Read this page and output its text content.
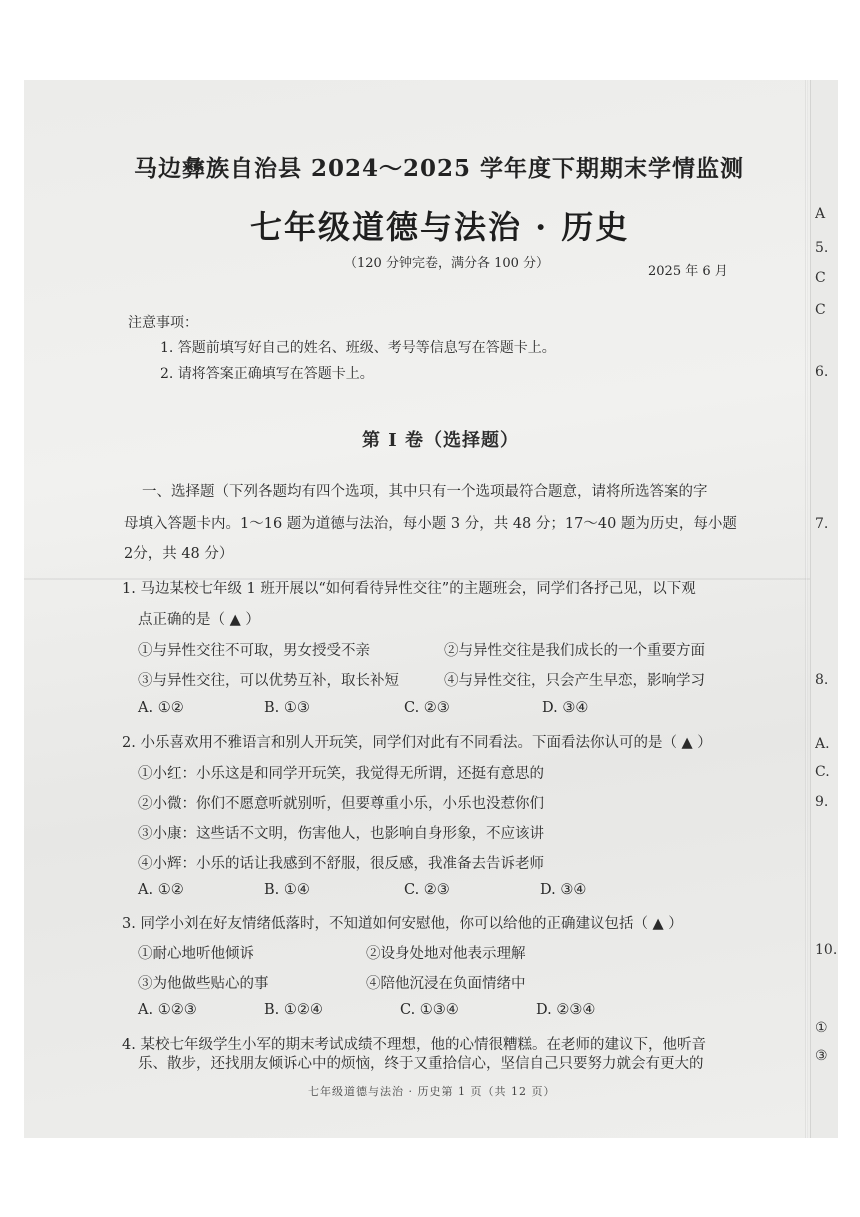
马边彝族自治县 2024～2025 学年度下期期末学情监测
七年级道德与法治 · 历史
（120 分钟完卷，满分各 100 分）
2025 年 6 月
注意事项：
1. 答题前填写好自己的姓名、班级、考号等信息写在答题卡上。
2. 请将答案正确填写在答题卡上。
第 I 卷（选择题）
一、选择题（下列各题均有四个选项，其中只有一个选项最符合题意，请将所选答案的字
母填入答题卡内。1～16 题为道德与法治，每小题 3 分，共 48 分；17～40 题为历史，每小题
2分，共 48 分）
1. 马边某校七年级 1 班开展以“如何看待异性交往”的主题班会，同学们各抒己见，以下观
点正确的是（ ▲ ）
①与异性交往不可取，男女授受不亲	②与异性交往是我们成长的一个重要方面
③与异性交往，可以优势互补，取长补短	④与异性交往，只会产生早恋，影响学习
A. ①②	B. ①③	C. ②③	D. ③④
2. 小乐喜欢用不雅语言和别人开玩笑，同学们对此有不同看法。下面看法你认可的是（ ▲ ）
①小红：小乐这是和同学开玩笑，我觉得无所谓，还挺有意思的
②小微：你们不愿意听就别听，但要尊重小乐，小乐也没惹你们
③小康：这些话不文明，伤害他人，也影响自身形象，不应该讲
④小辉：小乐的话让我感到不舒服，很反感，我准备去告诉老师
A. ①②	B. ①④	C. ②③	D. ③④
3. 同学小刘在好友情绪低落时，不知道如何安慰他，你可以给他的正确建议包括（ ▲ ）
①耐心地听他倾诉	②设身处地对他表示理解
③为他做些贴心的事	④陪他沉浸在负面情绪中
A. ①②③	B. ①②④	C. ①③④	D. ②③④
4. 某校七年级学生小军的期末考试成绩不理想，他的心情很糟糕。在老师的建议下，他听音
乐、散步，还找朋友倾诉心中的烦恼，终于又重拾信心，坚信自己只要努力就会有更大的
七年级道德与法治 · 历史第 1 页（共 12 页）
A
5.
C
C
6.
7.
8.
A.
C.
9.
10.
①
③
